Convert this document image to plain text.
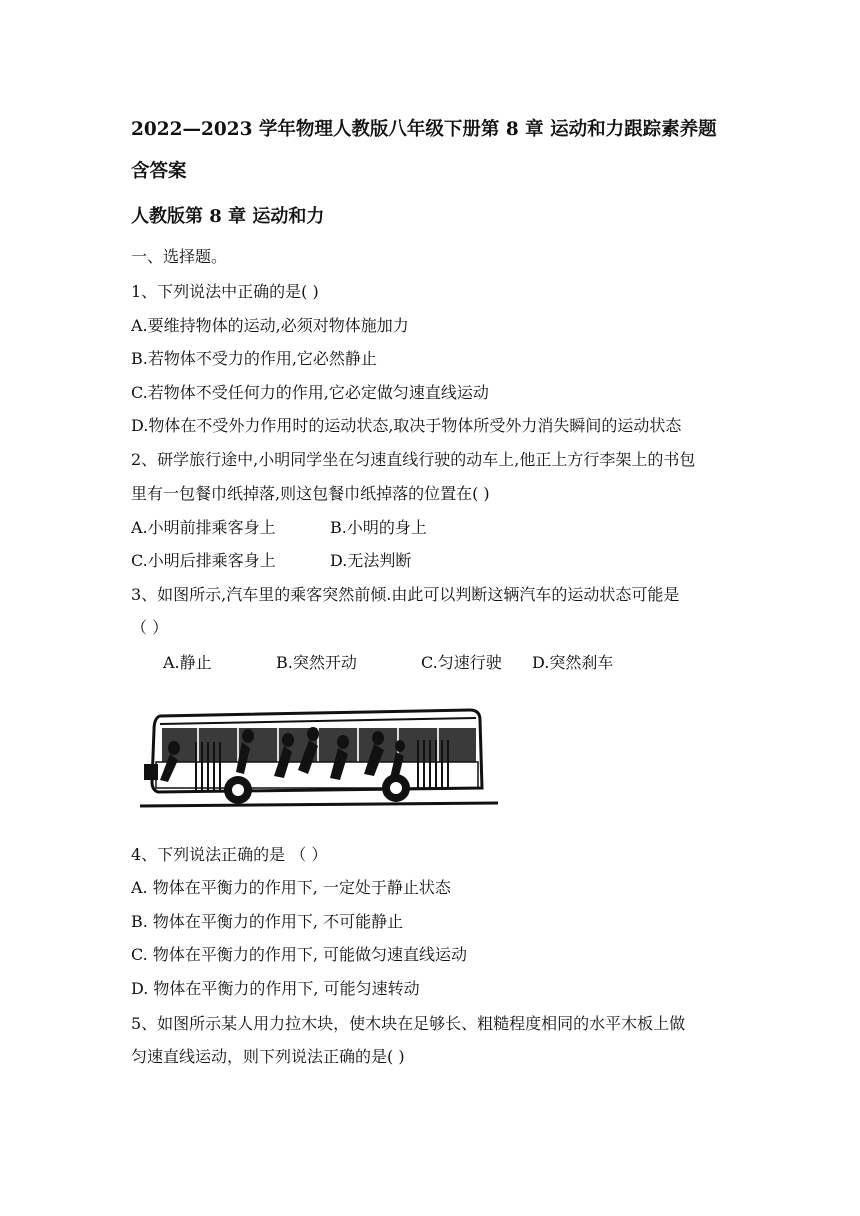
2022—2023 学年物理人教版八年级下册第 8 章 运动和力跟踪素养题
含答案
人教版第 8 章 运动和力
一、选择题。
1、下列说法中正确的是( )
A.要维持物体的运动,必须对物体施加力
B.若物体不受力的作用,它必然静止
C.若物体不受任何力的作用,它必定做匀速直线运动
D.物体在不受外力作用时的运动状态,取决于物体所受外力消失瞬间的运动状态
2、研学旅行途中,小明同学坐在匀速直线行驶的动车上,他正上方行李架上的书包
里有一包餐巾纸掉落,则这包餐巾纸掉落的位置在( )
A.小明前排乘客身上	B.小明的身上
C.小明后排乘客身上	D.无法判断
3、如图所示,汽车里的乘客突然前倾.由此可以判断这辆汽车的运动状态可能是
（ ）
A.静止	B.突然开动	C.匀速行驶 D.突然刹车
4、下列说法正确的是 （ ）
A. 物体在平衡力的作用下, 一定处于静止状态
B. 物体在平衡力的作用下, 不可能静止
C. 物体在平衡力的作用下, 可能做匀速直线运动
D. 物体在平衡力的作用下, 可能匀速转动
5、如图所示某人用力拉木块，使木块在足够长、粗糙程度相同的水平木板上做
匀速直线运动，则下列说法正确的是( )
